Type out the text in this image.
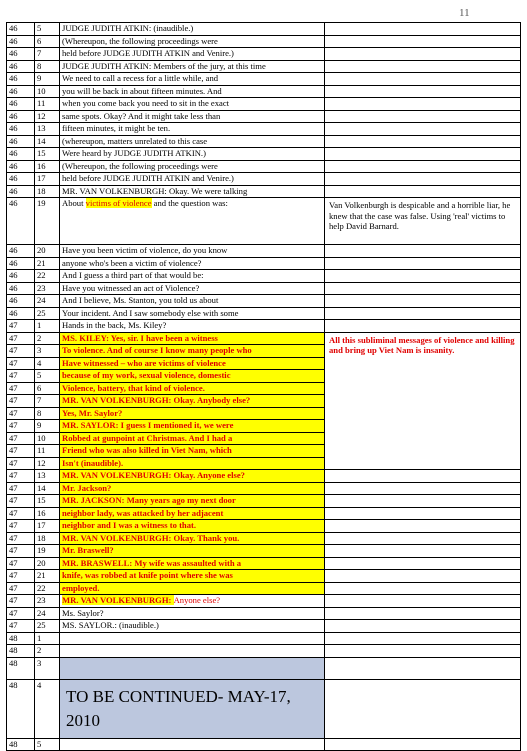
11
46	5	JUDGE JUDITH ATKIN: (inaudible.)	
46	6	(Whereupon, the following proceedings were	
46	7	held before JUDGE JUDITH ATKIN and Venire.)	
46	8	JUDGE JUDITH ATKIN: Members of the jury, at this time	
46	9	We need to call a recess for a little while, and	
46	10	you will be back in about fifteen minutes. And	
46	11	when you come back you need to sit in the exact	
46	12	same spots. Okay? And it might take less than	
46	13	fifteen minutes, it might be ten.	
46	14	(whereupon, matters unrelated to this case	
46	15	Were heard by JUDGE JUDITH ATKIN.)	
46	16	(Whereupon, the following proceedings were	
46	17	held before JUDGE JUDITH ATKIN and Venire.)	
46	18	MR. VAN VOLKENBURGH: Okay. We were talking	
46	19	About victims of violence and the question was:	Van Volkenburgh is despicable and a horrible liar, he knew that the case was false. Using 'real' victims to help David Barnard.
46	20	Have you been victim of violence, do you know	
46	21	anyone who's been a victim of violence?	
46	22	And I guess a third part of that would be:	
46	23	Have you witnessed an act of Violence?	
46	24	And I believe, Ms. Stanton, you told us about	
46	25	Your incident. And I saw somebody else with some	
47	1	Hands in the back, Ms. Kiley?	
47	2	MS. KILEY: Yes, sir. I have been a witness	All this subliminal messages of violence and killing and bring up Viet Nam is insanity.
47	3	To violence. And of course I know many people who	
47	4	Have witnessed – who are victims of violence	
47	5	because of my work, sexual violence, domestic	
47	6	Violence, battery, that kind of violence.	
47	7	MR. VAN VOLKENBURGH: Okay. Anybody else?	
47	8	Yes, Mr. Saylor?	
47	9	MR. SAYLOR: I guess I mentioned it, we were	
47	10	Robbed at gunpoint at Christmas. And I had a	
47	11	Friend who was also killed in Viet Nam, which	
47	12	Isn't (inaudible).	
47	13	MR. VAN VOLKENBURGH: Okay. Anyone else?	
47	14	Mr. Jackson?	
47	15	MR. JACKSON: Many years ago my next door	
47	16	neighbor lady, was attacked by her adjacent	
47	17	neighbor and I was a witness to that.	
47	18	MR. VAN VOLKENBURGH: Okay. Thank you.	
47	19	Mr. Braswell?	
47	20	MR. BRASWELL: My wife was assaulted with a	
47	21	knife, was robbed at knife point where she was	
47	22	employed.	
47	23	MR. VAN VOLKENBURGH: Anyone else?	
47	24	Ms. Saylor?	
47	25	MS. SAYLOR.: (inaudible.)	
48	1		
48	2		
48	3		
48	4	TO BE CONTINUED- MAY-17, 2010	
48	5		
